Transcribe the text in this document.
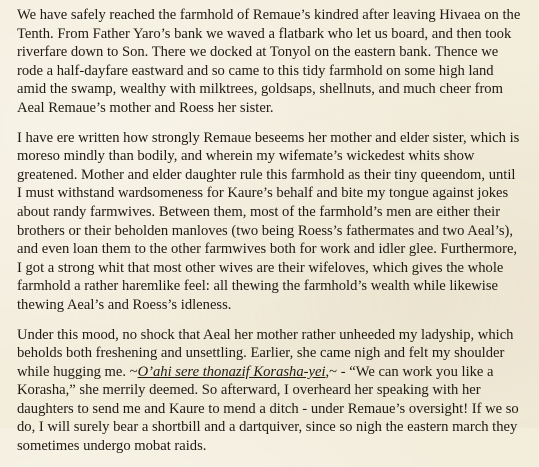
We have safely reached the farmhold of Remaue’s kindred after leaving Hivaea on the Tenth. From Father Yaro’s bank we waved a flatbark who let us board, and then took riverfare down to Son. There we docked at Tonyol on the eastern bank. Thence we rode a half-dayfare eastward and so came to this tidy farmhold on some high land amid the swamp, wealthy with milktrees, goldsaps, shellnuts, and much cheer from Aeal Remaue’s mother and Roess her sister.

I have ere written how strongly Remaue beseems her mother and elder sister, which is moreso mindly than bodily, and wherein my wifemate’s wickedest whits show greatened. Mother and elder daughter rule this farmhold as their tiny queendom, until I must withstand wardsomeness for Kaure’s behalf and bite my tongue against jokes about randy farmwives. Between them, most of the farmhold’s men are either their brothers or their beholden manloves (two being Roess’s fathermates and two Aeal’s), and even loan them to the other farmwives both for work and idler glee. Furthermore, I got a strong whit that most other wives are their wifeloves, which gives the whole farmhold a rather haremlike feel: all thewing the farmhold’s wealth while likewise thewing Aeal’s and Roess’s idleness.

Under this mood, no shock that Aeal her mother rather unheeded my ladyship, which beholds both freshening and unsettling. Earlier, she came nigh and felt my shoulder while hugging me. ~O’ahi sere thonazif Korasha-yei,~ - “We can work you like a Korasha,” she merrily deemed. So afterward, I overheard her speaking with her daughters to send me and Kaure to mend a ditch - under Remaue’s oversight! If we so do, I will surely bear a shortbill and a dartquiver, since so nigh the eastern march they sometimes undergo mobat raids.
